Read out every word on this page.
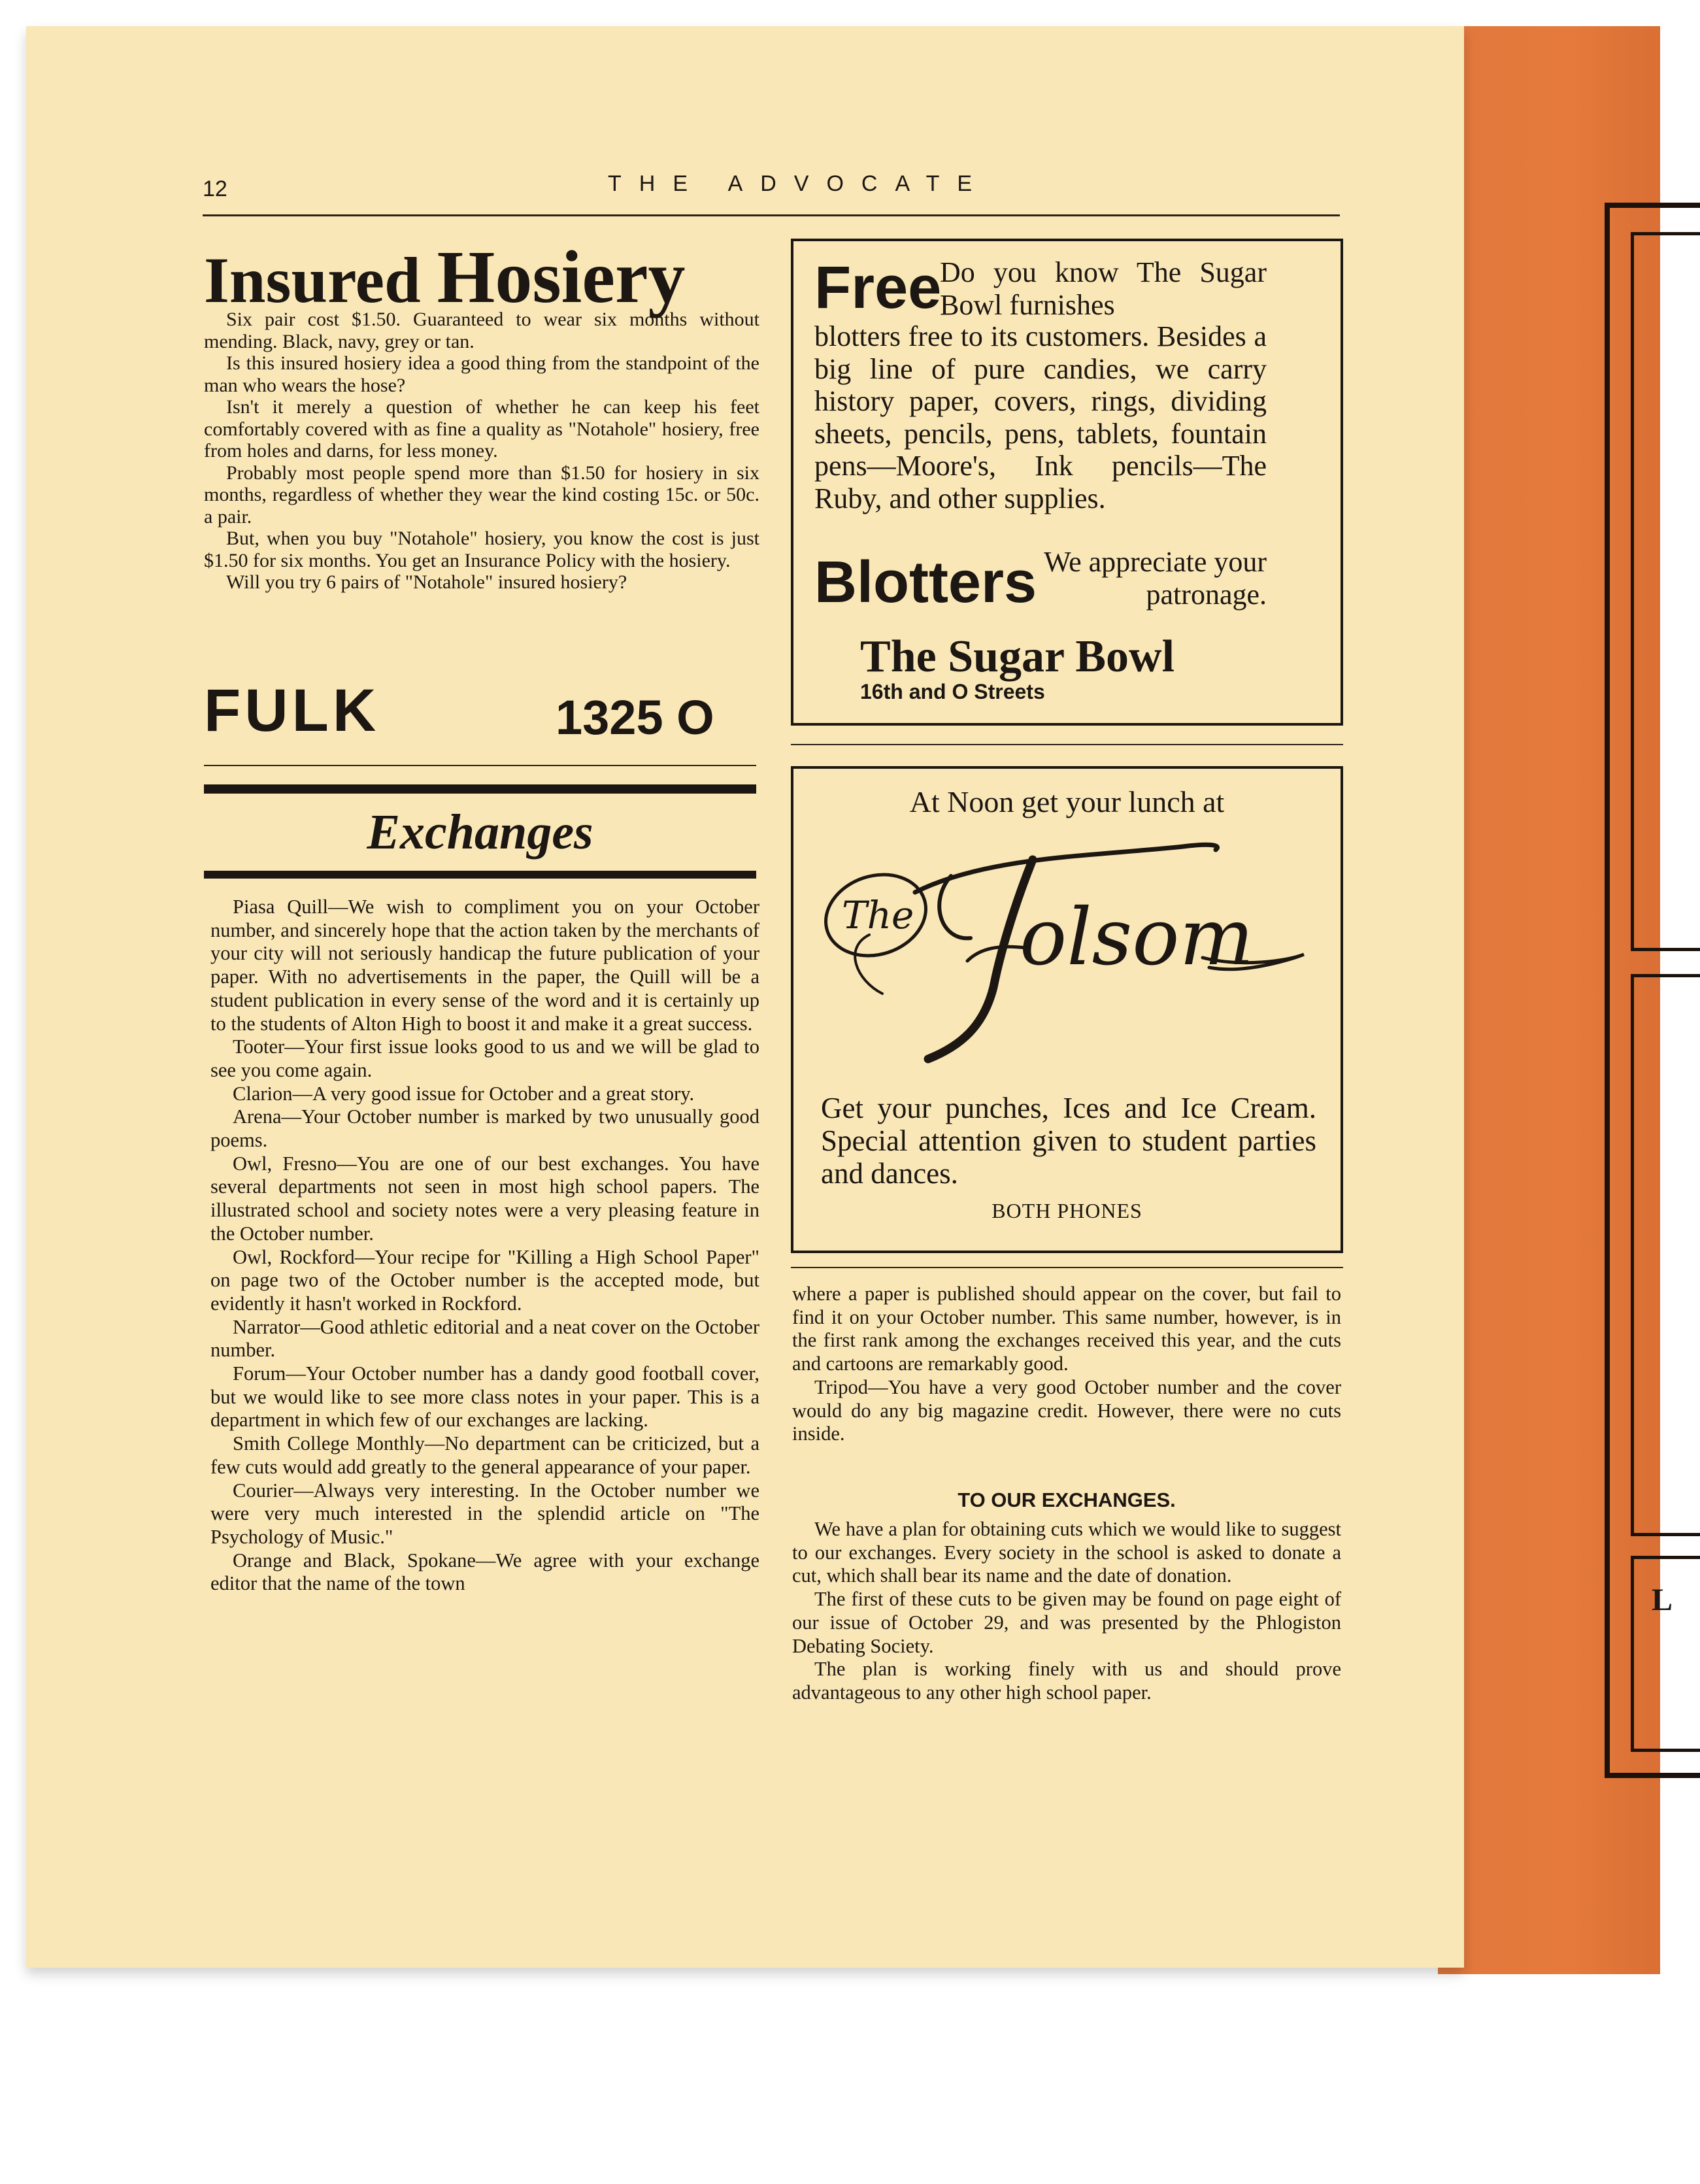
L
12	THE ADVOCATE
Insured Hosiery

Six pair cost $1.50. Guaranteed to wear six months without mending. Black, navy, grey or tan.

Is this insured hosiery idea a good thing from the standpoint of the man who wears the hose?

Isn't it merely a question of whether he can keep his feet comfortably covered with as fine a quality as "Notahole" hosiery, free from holes and darns, for less money.

Probably most people spend more than $1.50 for hosiery in six months, regardless of whether they wear the kind costing 15c. or 50c. a pair.

But, when you buy "Notahole" hosiery, you know the cost is just $1.50 for six months. You get an Insurance Policy with the hosiery.

Will you try 6 pairs of "Notahole" insured hosiery?

FULK	1325 O
Exchanges

Piasa Quill—We wish to compliment you on your October number, and sincerely hope that the action taken by the merchants of your city will not seriously handicap the future publication of your paper. With no advertisements in the paper, the Quill will be a student publication in every sense of the word and it is certainly up to the students of Alton High to boost it and make it a great success.

Tooter—Your first issue looks good to us and we will be glad to see you come again.

Clarion—A very good issue for October and a great story.

Arena—Your October number is marked by two unusually good poems.

Owl, Fresno—You are one of our best exchanges. You have several departments not seen in most high school papers. The illustrated school and society notes were a very pleasing feature in the October number.

Owl, Rockford—Your recipe for "Killing a High School Paper" on page two of the October number is the accepted mode, but evidently it hasn't worked in Rockford.

Narrator—Good athletic editorial and a neat cover on the October number.

Forum—Your October number has a dandy good football cover, but we would like to see more class notes in your paper. This is a department in which few of our exchanges are lacking.

Smith College Monthly—No department can be criticized, but a few cuts would add greatly to the general appearance of your paper.

Courier—Always very interesting. In the October number we were very much interested in the splendid article on "The Psychology of Music."

Orange and Black, Spokane—We agree with your exchange editor that the name of the town

Free
Do you know The Sugar Bowl furnishes
blotters free to its customers. Besides a big line of pure candies, we carry history paper, covers, rings, dividing sheets, pencils, pens, tablets, fountain pens—Moore's, Ink pencils—The Ruby, and other supplies.
Blotters We appreciate your patronage.
The Sugar Bowl
16th and O Streets
At Noon get your lunch at
The olsom
Get your punches, Ices and Ice Cream. Special attention given to student parties and dances.
BOTH PHONES

where a paper is published should appear on the cover, but fail to find it on your October number. This same number, however, is in the first rank among the exchanges received this year, and the cuts and cartoons are remarkably good.

Tripod—You have a very good October number and the cover would do any big magazine credit. However, there were no cuts inside.

TO OUR EXCHANGES.

We have a plan for obtaining cuts which we would like to suggest to our exchanges. Every society in the school is asked to donate a cut, which shall bear its name and the date of donation.

The first of these cuts to be given may be found on page eight of our issue of October 29, and was presented by the Phlogiston Debating Society.

The plan is working finely with us and should prove advantageous to any other high school paper.
